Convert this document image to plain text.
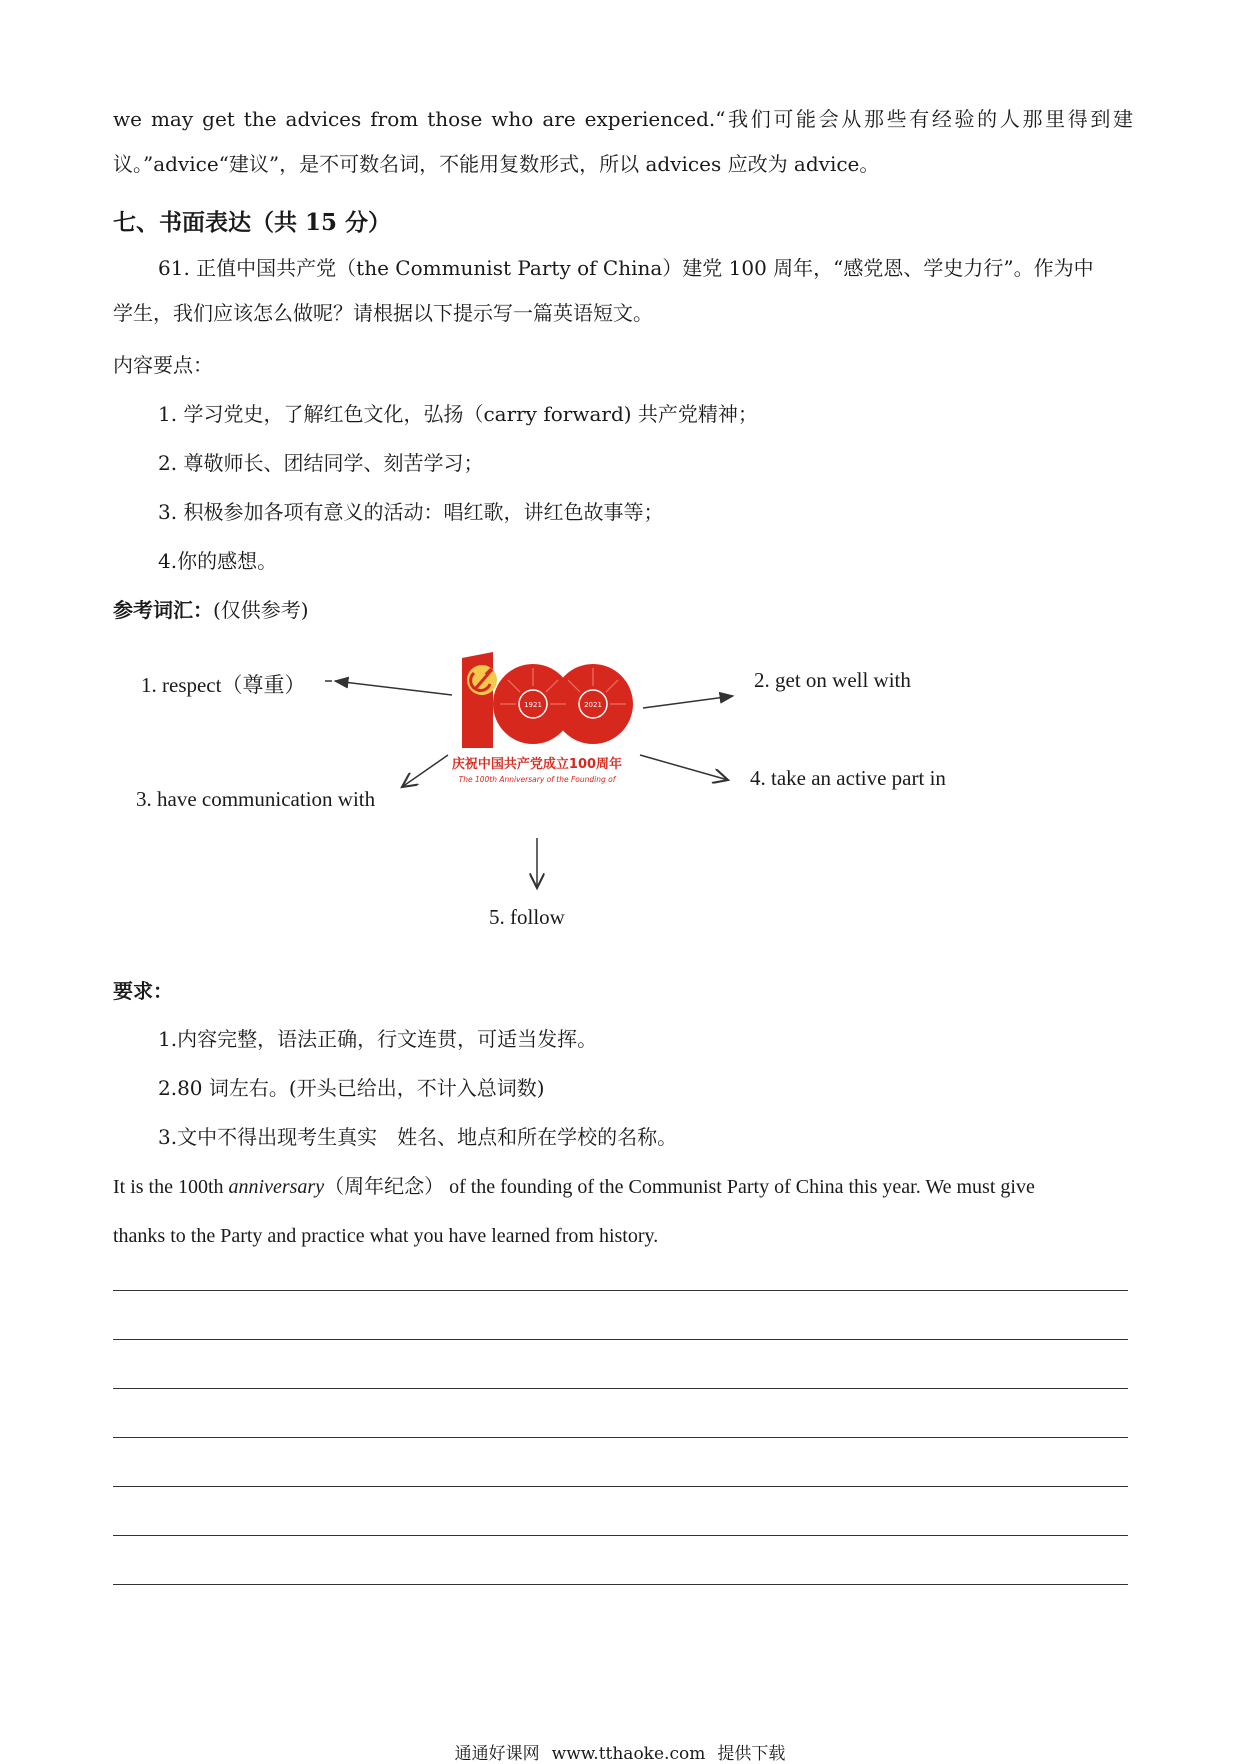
we may get the advices from those who are experienced.“我们可能会从那些有经验的人那里得到建
议。”advice“建议”，是不可数名词，不能用复数形式，所以 advices 应改为 advice。
七、书面表达（共 15 分）
61. 正值中国共产党（the Communist Party of China）建党 100 周年，“感党恩、学史力行”。作为中
学生，我们应该怎么做呢？请根据以下提示写一篇英语短文。
内容要点：
1. 学习党史，了解红色文化，弘扬（carry forward) 共产党精神；
2. 尊敬师长、团结同学、刻苦学习；
3. 积极参加各项有意义的活动：唱红歌，讲红色故事等；
4.你的感想。
参考词汇：(仅供参考)
1921	2021
庆祝中国共产党成立100周年
The 100th Anniversary of the Founding of
1. respect（尊重）	2. get on well with
3. have communication with
4. take an active part in
5. follow
要求：
1.内容完整，语法正确，行文连贯，可适当发挥。
2.80 词左右。(开头已给出，不计入总词数)
3.文中不得出现考生真实　姓名、地点和所在学校的名称。
It is the 100th anniversary（周年纪念） of the founding of the Communist Party of China this year. We must give
thanks to the Party and practice what you have learned from history.
通通好课网 www.tthaoke.com 提供下载
